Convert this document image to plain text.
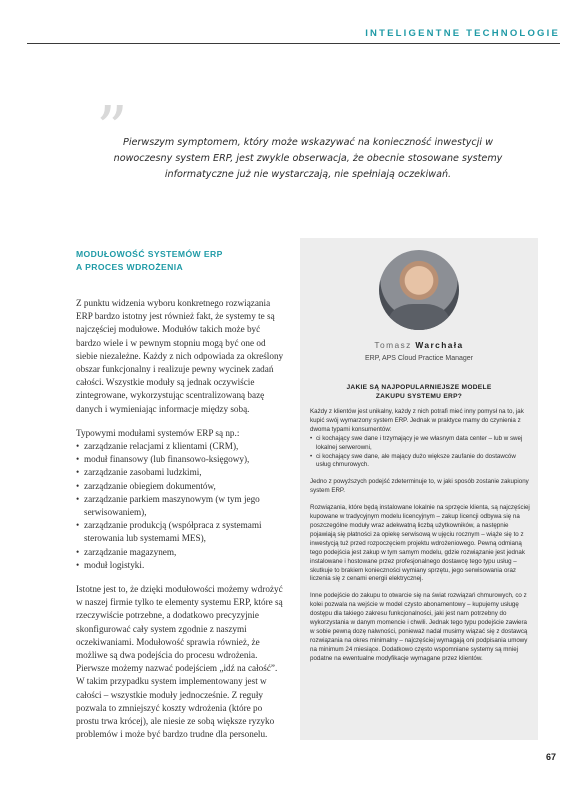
INTELIGENTNE TECHNOLOGIE
”
Pierwszym symptomem, który może wskazywać na konieczność inwestycji w nowoczesny system ERP, jest zwykle obserwacja, że obecnie stosowane systemy informatyczne już nie wystarczają, nie spełniają oczekiwań.
MODUŁOWOŚĆ SYSTEMÓW ERP
A PROCES WDROŻENIA

Z punktu widzenia wyboru konkretnego rozwiązania ERP bardzo istotny jest również fakt, że systemy te są najczęściej modułowe. Modułów takich może być bardzo wiele i w pewnym stopniu mogą być one od siebie niezależne. Każdy z nich odpowiada za określony obszar funkcjonalny i realizuje pewny wycinek zadań całości. Wszystkie moduły są jednak oczywiście zintegrowane, wykorzystując scentralizowaną bazę danych i wymieniając informacje między sobą.

Typowymi modułami systemów ERP są np.:

• zarządzanie relacjami z klientami (CRM),
• moduł finansowy (lub finansowo-księgowy),
• zarządzanie zasobami ludzkimi,
• zarządzanie obiegiem dokumentów,
• zarządzanie parkiem maszynowym (w tym jego serwisowaniem),
• zarządzanie produkcją (współpraca z systemami sterowania lub systemami MES),
• zarządzanie magazynem,
• moduł logistyki.

Istotne jest to, że dzięki modułowości możemy wdrożyć w naszej firmie tylko te elementy systemu ERP, które są rzeczywiście potrzebne, a dodatkowo precyzyjnie skonfigurować cały system zgodnie z naszymi oczekiwaniami. Modułowość sprawia również, że możliwe są dwa podejścia do procesu wdrożenia. Pierwsze możemy nazwać podejściem „idź na całość”. W takim przypadku system implementowany jest w całości – wszystkie moduły jednocześnie. Z reguły pozwala to zmniejszyć koszty wdrożenia (które po prostu trwa krócej), ale niesie ze sobą większe ryzyko problemów i może być bardzo trudne dla personelu.

Tomasz Warchała
ERP, APS Cloud Practice Manager
JAKIE SĄ NAJPOPULARNIEJSZE MODELE
ZAKUPU SYSTEMU ERP?

Każdy z klientów jest unikalny, każdy z nich potrafi mieć inny pomysł na to, jak kupić swój wymarzony system ERP. Jednak w praktyce mamy do czynienia z dwoma typami konsumentów:

• ci kochający swe dane i trzymający je we własnym data center – lub w swej lokalnej serwerowni,
• ci kochający swe dane, ale mający dużo większe zaufanie do dostawców usług chmurowych.

Jedno z powyższych podejść zdeterminuje to, w jaki sposób zostanie zakupiony system ERP.

Rozwiązania, które będą instalowane lokalnie na sprzęcie klienta, są najczęściej kupowane w tradycyjnym modelu licencyjnym – zakup licencji odbywa się na poszczególne moduły wraz adekwatną liczbą użytkowników, a następnie pojawiają się płatności za opiekę serwisową w ujęciu rocznym – wiąże się to z inwestycją tuż przed rozpoczęciem projektu wdrożeniowego. Pewną odmianą tego podejścia jest zakup w tym samym modelu, gdzie rozwiązanie jest jednak instalowane i hostowane przez profesjonalnego dostawcę tego typu usług – skutkuje to brakiem konieczności wymiany sprzętu, jego serwisowania oraz liczenia się z cenami energii elektrycznej.

Inne podejście do zakupu to otwarcie się na świat rozwiązań chmurowych, co z kolei pozwala na wejście w model czysto abonamentowy – kupujemy usługę dostępu dla takiego zakresu funkcjonalności, jaki jest nam potrzebny do wykorzystania w danym momencie i chwili. Jednak tego typu podejście zawiera w sobie pewną dozę nalwności, ponieważ nadal musimy wiązać się z dostawcą rozwiązania na okres minimalny – najczęściej wymagają oni podpisania umowy na minimum 24 miesiące. Dodatkowo często wspomniane systemy są mniej podatne na ewentualne modyfikacje wymagane przez klientów.

67
